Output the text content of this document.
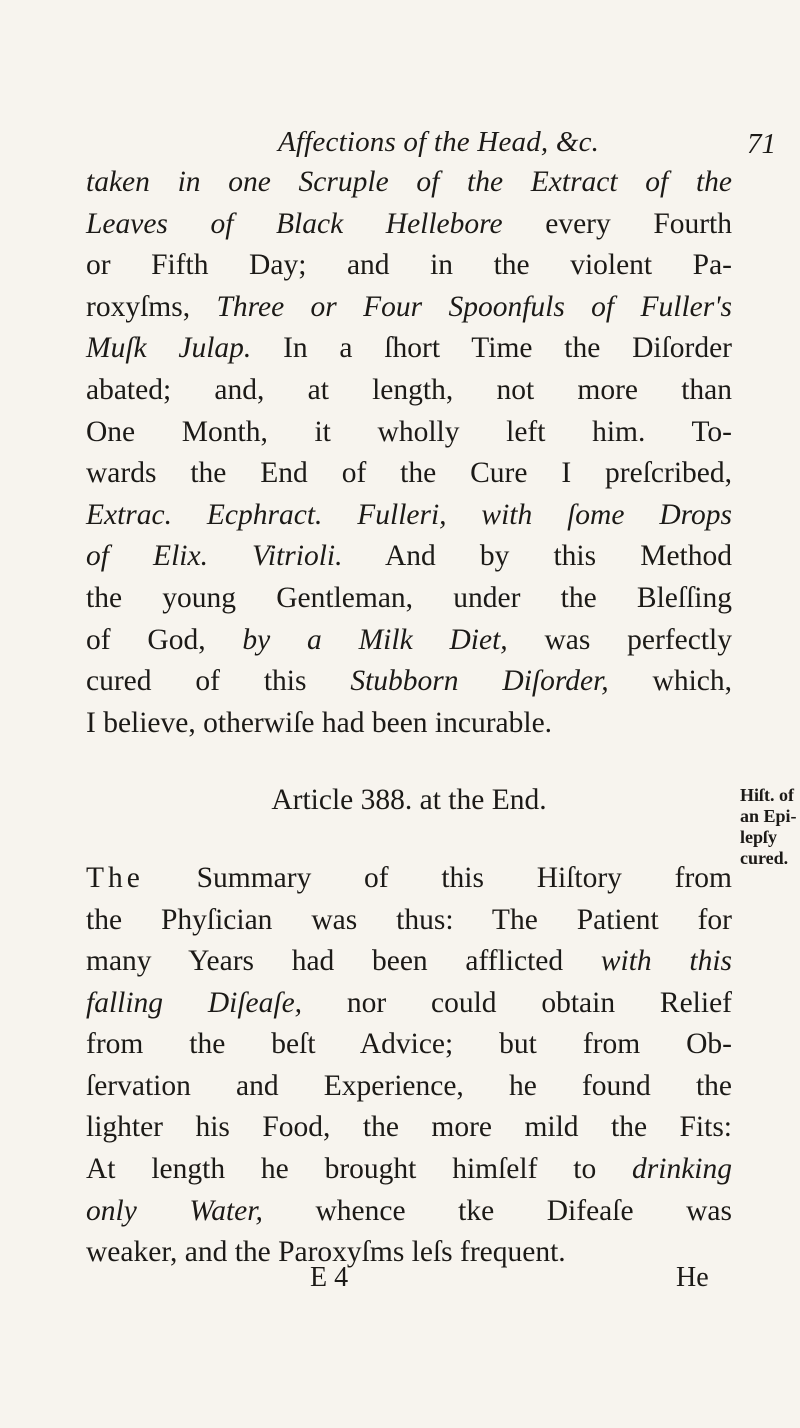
Affections of the Head, &c.	71
taken in one Scruple of the Extract of the
Leaves of Black Hellebore every Fourth
or Fifth Day; and in the violent Pa-
roxyſms, Three or Four Spoonfuls of Fuller's
Muſk Julap. In a ſhort Time the Diſorder
abated; and, at length, not more than
One Month, it wholly left him. To-
wards the End of the Cure I preſcribed,
Extrac. Ecphract. Fulleri, with ſome Drops
of Elix. Vitrioli. And by this Method
the young Gentleman, under the Bleſſing
of God, by a Milk Diet, was perfectly
cured of this Stubborn Diſorder, which,
I believe, otherwiſe had been incurable.
Article 388. at the End.
The Summary of this Hiſtory from
the Phyſician was thus: The Patient for
many Years had been afflicted with this
falling Diſeaſe, nor could obtain Relief
from the beſt Advice; but from Ob-
ſervation and Experience, he found the
lighter his Food, the more mild the Fits:
At length he brought himſelf to drinking
only Water, whence tke Difeaſe was
weaker, and the Paroxyſms leſs frequent.
Hiſt. of an Epi- lepſy cured.
E 4	He
